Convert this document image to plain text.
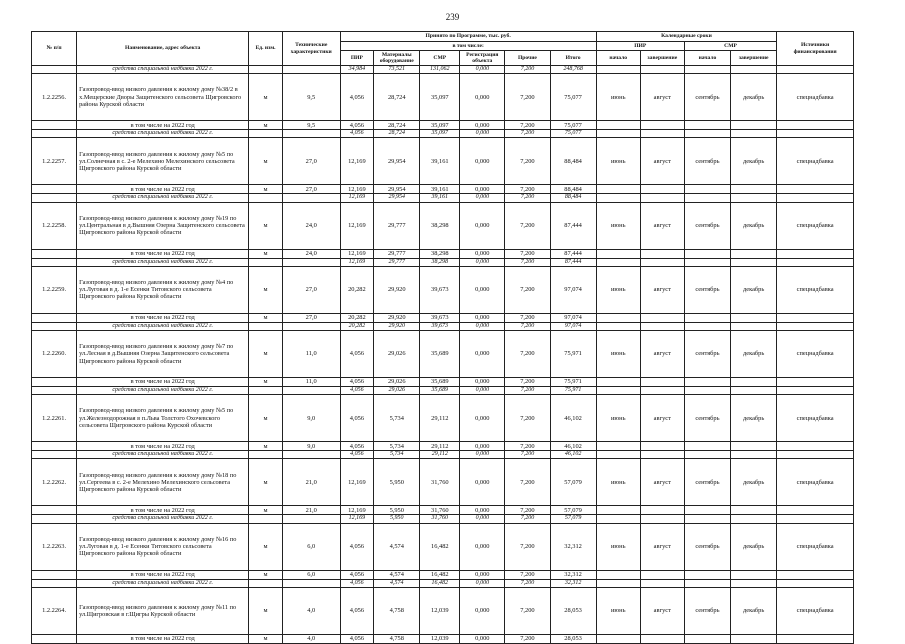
239
№ п/п	Наименование, адрес объекта	Ед. изм.	Технические характеристики	Принято по Программе, тыс. руб.						Календарные сроки				Источники финансирования
				в том числе:						ПИР		СМР		
				ПИР	Материалы оборудование	СМР	Регистрация объекта	Прочие	Итого	начало	завершение	начало	завершение	
	средства специальной надбавки 2022 г.			34,984	73,521	131,062	0,000	7,200	248,768					
1.2.2256.	Газопровод-ввод низкого давления к жилому дому №38/2 в х.Мещерские Дворы Защитенского сельсовета Щигровского района Курской области	м	9,5	4,056	28,724	35,097	0,000	7,200	75,077	июнь	август	сентябрь	декабрь	спецнадбавка
	в том числе на 2022 год	м	9,5	4,056	28,724	35,097	0,000	7,200	75,077					
	средства специальной надбавки 2022 г.			4,056	28,724	35,097	0,000	7,200	75,077					
1.2.2257.	Газопровод-ввод низкого давления к жилому дому №5 по ул.Солнечная в с. 2-е Мелехино Мелехинского сельсовета Щигровского района Курской области	м	27,0	12,169	29,954	39,161	0,000	7,200	88,484	июнь	август	сентябрь	декабрь	спецнадбавка
	в том числе на 2022 год	м	27,0	12,169	29,954	39,161	0,000	7,200	88,484					
	средства специальной надбавки 2022 г.			12,169	29,954	39,161	0,000	7,200	88,484					
1.2.2258.	Газопровод-ввод низкого давления к жилому дому №19 по ул.Центральная в д.Вышняя Озерна Защитенского сельсовета Щигровского района Курской области	м	24,0	12,169	29,777	38,298	0,000	7,200	87,444	июнь	август	сентябрь	декабрь	спецнадбавка
	в том числе на 2022 год	м	24,0	12,169	29,777	38,298	0,000	7,200	87,444					
	средства специальной надбавки 2022 г.			12,169	29,777	38,298	0,000	7,200	87,444					
1.2.2259.	Газопровод-ввод низкого давления к жилому дому №4 по ул.Луговая в д. 1-е Есенки Титовского сельсовета Щигровского района Курской области	м	27,0	20,282	29,920	39,673	0,000	7,200	97,074	июнь	август	сентябрь	декабрь	спецнадбавка
	в том числе на 2022 год	м	27,0	20,282	29,920	39,673	0,000	7,200	97,074					
	средства специальной надбавки 2022 г.			20,282	29,920	39,673	0,000	7,200	97,074					
1.2.2260.	Газопровод-ввод низкого давления к жилому дому №7 по ул.Лесная в д.Вышняя Озерна Защитенского сельсовета Щигровского района Курской области	м	11,0	4,056	29,026	35,689	0,000	7,200	75,971	июнь	август	сентябрь	декабрь	спецнадбавка
	в том числе на 2022 год	м	11,0	4,056	29,026	35,689	0,000	7,200	75,971					
	средства специальной надбавки 2022 г.			4,056	29,026	35,689	0,000	7,200	75,971					
1.2.2261.	Газопровод-ввод низкого давления к жилому дому №5 по ул.Железнодорожная в п.Льва Толстого Охочевского сельсовета Щигровского района Курской области	м	9,0	4,056	5,734	29,112	0,000	7,200	46,102	июнь	август	сентябрь	декабрь	спецнадбавка
	в том числе на 2022 год	м	9,0	4,056	5,734	29,112	0,000	7,200	46,102					
	средства специальной надбавки 2022 г.			4,056	5,734	29,112	0,000	7,200	46,102					
1.2.2262.	Газопровод-ввод низкого давления к жилому дому №18 по ул.Сергеева в с. 2-е Мелехино Мелехинского сельсовета Щигровского района Курской области	м	21,0	12,169	5,950	31,760	0,000	7,200	57,079	июнь	август	сентябрь	декабрь	спецнадбавка
	в том числе на 2022 год	м	21,0	12,169	5,950	31,760	0,000	7,200	57,079					
	средства специальной надбавки 2022 г.			12,169	5,950	31,760	0,000	7,200	57,079					
1.2.2263.	Газопровод-ввод низкого давления к жилому дому №16 по ул.Луговая в д. 1-е Есенки Титовского сельсовета Щигровского района Курской области	м	6,0	4,056	4,574	16,482	0,000	7,200	32,312	июнь	август	сентябрь	декабрь	спецнадбавка
	в том числе на 2022 год	м	6,0	4,056	4,574	16,482	0,000	7,200	32,312					
	средства специальной надбавки 2022 г.			4,056	4,574	16,482	0,000	7,200	32,312					
1.2.2264.	Газопровод-ввод низкого давления к жилому дому №11 по ул.Щигровская в г.Щигры Курской области	м	4,0	4,056	4,758	12,039	0,000	7,200	28,053	июнь	август	сентябрь	декабрь	спецнадбавка
	в том числе на 2022 год	м	4,0	4,056	4,758	12,039	0,000	7,200	28,053					
